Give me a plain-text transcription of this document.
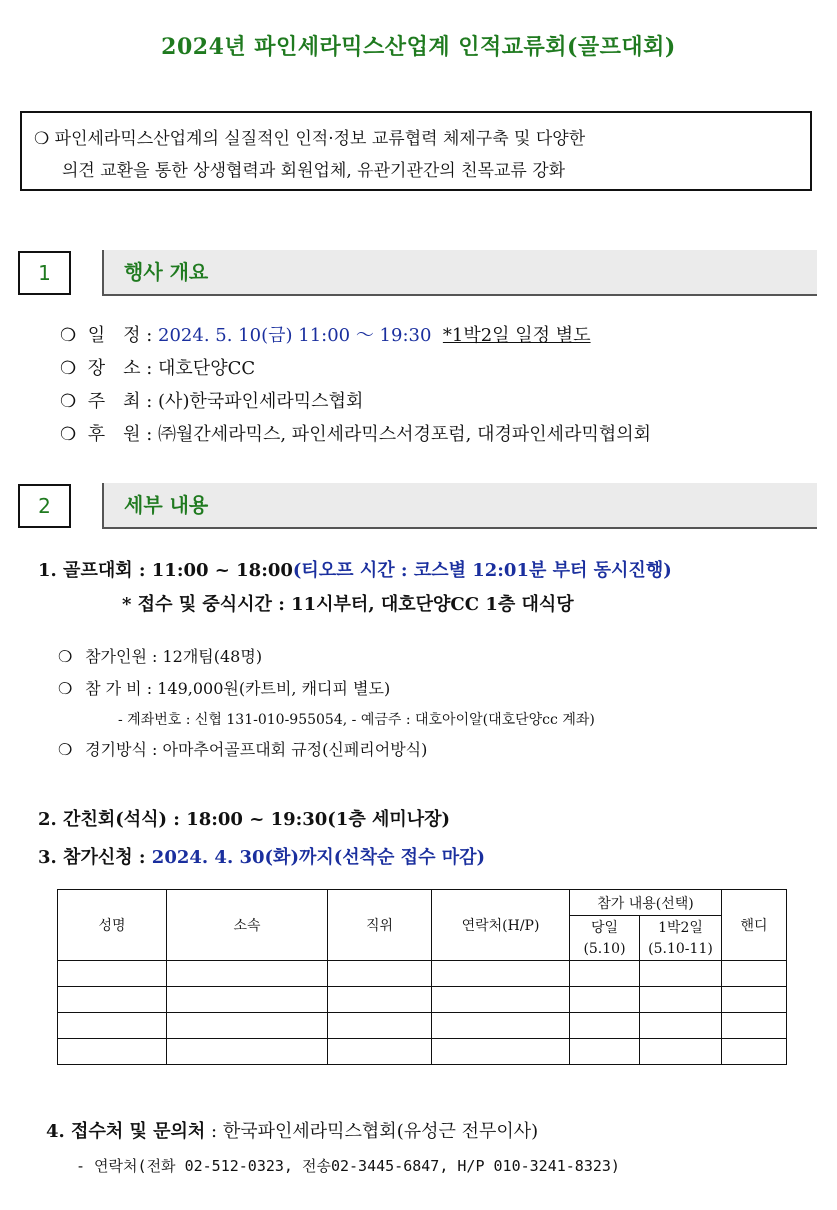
2024년 파인세라믹스산업계 인적교류회(골프대회)
❍ 파인세라믹스산업계의 실질적인 인적·정보 교류협력 체제구축 및 다양한
의견 교환을 통한 상생협력과 회원업체, 유관기관간의 친목교류 강화
1	행사 개요
❍ 일　정 : 2024. 5. 10(금) 11:00 ～ 19:30 *1박2일 일정 별도
❍ 장　소 : 대호단양CC
❍ 주　최 : (사)한국파인세라믹스협회
❍ 후　원 : ㈜월간세라믹스, 파인세라믹스서경포럼, 대경파인세라믹협의회
2	세부 내용
1. 골프대회 : 11:00 ~ 18:00(티오프 시간 : 코스별 12:01분 부터 동시진행)
* 접수 및 중식시간 : 11시부터, 대호단양CC 1층 대식당
❍ 참가인원 : 12개팀(48명)
❍ 참 가 비 : 149,000원(카트비, 캐디피 별도)
- 계좌번호 : 신협 131-010-955054, - 예금주 : 대호아이알(대호단양cc 계좌)
❍ 경기방식 : 아마추어골프대회 규정(신페리어방식)
2. 간친회(석식) : 18:00 ~ 19:30(1층 세미나장)
3. 참가신청 : 2024. 4. 30(화)까지(선착순 접수 마감)
성명	소속	직위	연락처(H/P)	참가 내용(선택)		핸디
				당일	1박2일	
				(5.10)	(5.10-11)	

4. 접수처 및 문의처 : 한국파인세라믹스협회(유성근 전무이사)
- 연락처(전화 02-512-0323, 전송02-3445-6847, H/P 010-3241-8323)
